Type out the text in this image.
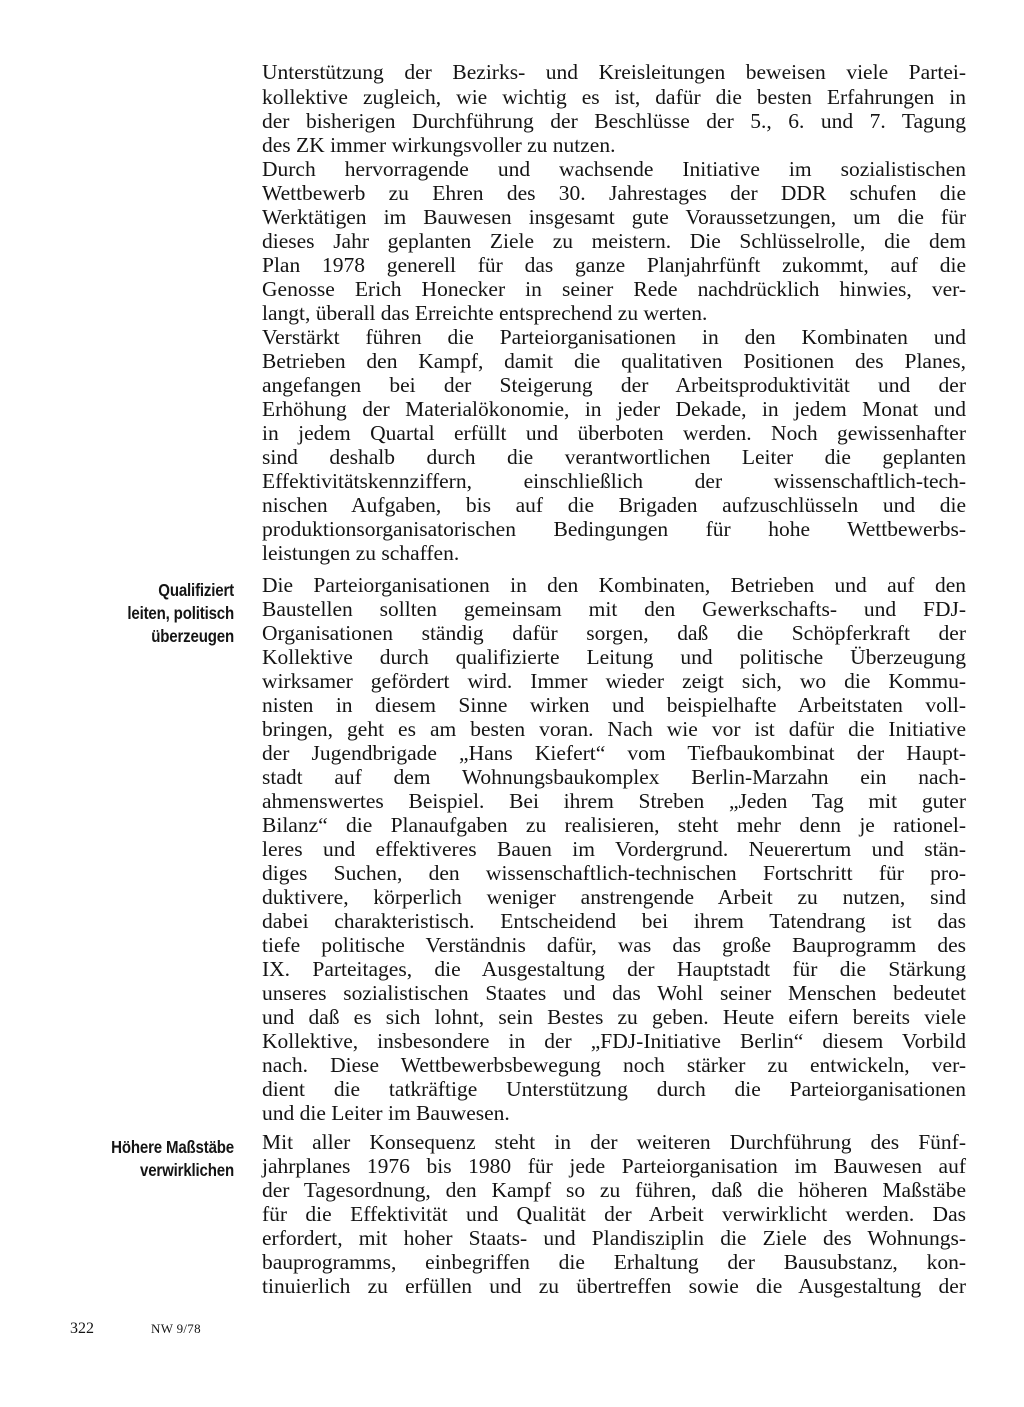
Unterstützung der Bezirks- und Kreisleitungen beweisen viele Partei-
kollektive zugleich, wie wichtig es ist, dafür die besten Erfahrungen in
der bisherigen Durchführung der Beschlüsse der 5., 6. und 7. Tagung
des ZK immer wirkungsvoller zu nutzen.
Durch hervorragende und wachsende Initiative im sozialistischen
Wettbewerb zu Ehren des 30. Jahrestages der DDR schufen die
Werktätigen im Bauwesen insgesamt gute Voraussetzungen, um die für
dieses Jahr geplanten Ziele zu meistern. Die Schlüsselrolle, die dem
Plan 1978 generell für das ganze Planjahrfünft zukommt, auf die
Genosse Erich Honecker in seiner Rede nachdrücklich hinwies, ver-
langt, überall das Erreichte entsprechend zu werten.
Verstärkt führen die Parteiorganisationen in den Kombinaten und
Betrieben den Kampf, damit die qualitativen Positionen des Planes,
angefangen bei der Steigerung der Arbeitsproduktivität und der
Erhöhung der Materialökonomie, in jeder Dekade, in jedem Monat und
in jedem Quartal erfüllt und überboten werden. Noch gewissenhafter
sind deshalb durch die verantwortlichen Leiter die geplanten
Effektivitätskennziffern, einschließlich der wissenschaftlich-tech-
nischen Aufgaben, bis auf die Brigaden aufzuschlüsseln und die
produktionsorganisatorischen Bedingungen für hohe Wettbewerbs-
leistungen zu schaffen.
Qualifiziert
leiten, politisch
überzeugen
Die Parteiorganisationen in den Kombinaten, Betrieben und auf den
Baustellen sollten gemeinsam mit den Gewerkschafts- und FDJ-
Organisationen ständig dafür sorgen, daß die Schöpferkraft der
Kollektive durch qualifizierte Leitung und politische Überzeugung
wirksamer gefördert wird. Immer wieder zeigt sich, wo die Kommu-
nisten in diesem Sinne wirken und beispielhafte Arbeitstaten voll-
bringen, geht es am besten voran. Nach wie vor ist dafür die Initiative
der Jugendbrigade „Hans Kiefert“ vom Tiefbaukombinat der Haupt-
stadt auf dem Wohnungsbaukomplex Berlin-Marzahn ein nach-
ahmenswertes Beispiel. Bei ihrem Streben „Jeden Tag mit guter
Bilanz“ die Planaufgaben zu realisieren, steht mehr denn je rationel-
leres und effektiveres Bauen im Vordergrund. Neuerertum und stän-
diges Suchen, den wissenschaftlich-technischen Fortschritt für pro-
duktivere, körperlich weniger anstrengende Arbeit zu nutzen, sind
dabei charakteristisch. Entscheidend bei ihrem Tatendrang ist das
tiefe politische Verständnis dafür, was das große Bauprogramm des
IX. Parteitages, die Ausgestaltung der Hauptstadt für die Stärkung
unseres sozialistischen Staates und das Wohl seiner Menschen bedeutet
und daß es sich lohnt, sein Bestes zu geben. Heute eifern bereits viele
Kollektive, insbesondere in der „FDJ-Initiative Berlin“ diesem Vorbild
nach. Diese Wettbewerbsbewegung noch stärker zu entwickeln, ver-
dient die tatkräftige Unterstützung durch die Parteiorganisationen
und die Leiter im Bauwesen.
Höhere Maßstäbe
verwirklichen
Mit aller Konsequenz steht in der weiteren Durchführung des Fünf-
jahrplanes 1976 bis 1980 für jede Parteiorganisation im Bauwesen auf
der Tagesordnung, den Kampf so zu führen, daß die höheren Maßstäbe
für die Effektivität und Qualität der Arbeit verwirklicht werden. Das
erfordert, mit hoher Staats- und Plandisziplin die Ziele des Wohnungs-
bauprogramms, einbegriffen die Erhaltung der Bausubstanz, kon-
tinuierlich zu erfüllen und zu übertreffen sowie die Ausgestaltung der
322	NW 9/78
